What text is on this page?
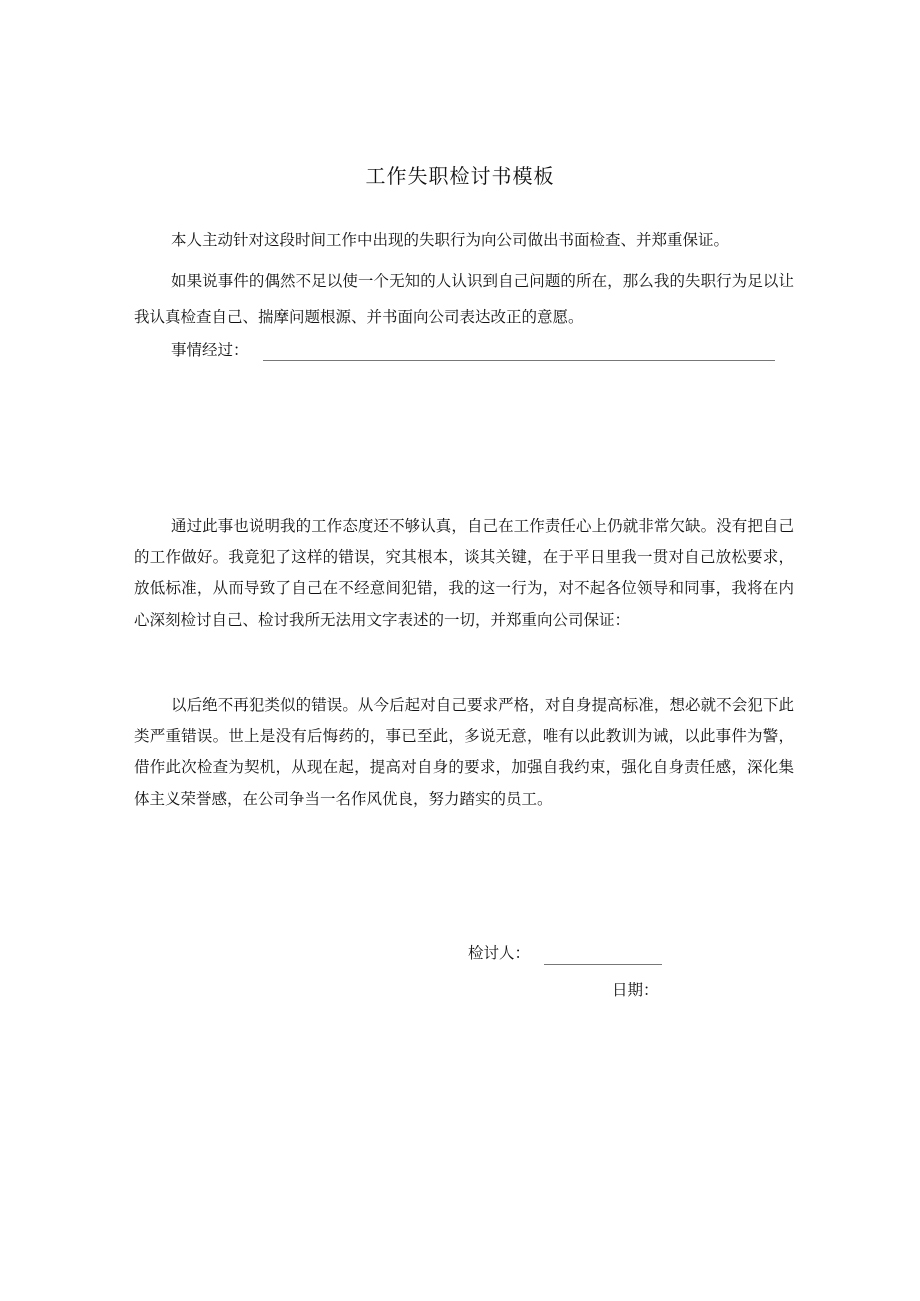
工作失职检讨书模板
本人主动针对这段时间工作中出现的失职行为向公司做出书面检查、并郑重保证。
如果说事件的偶然不足以使一个无知的人认识到自己问题的所在，那么我的失职行为足以让我认真检查自己、揣摩问题根源、并书面向公司表达改正的意愿。
事情经过：
通过此事也说明我的工作态度还不够认真，自己在工作责任心上仍就非常欠缺。没有把自己的工作做好。我竟犯了这样的错误，究其根本，谈其关键，在于平日里我一贯对自己放松要求，放低标准，从而导致了自己在不经意间犯错，我的这一行为，对不起各位领导和同事，我将在内心深刻检讨自己、检讨我所无法用文字表述的一切，并郑重向公司保证：
以后绝不再犯类似的错误。从今后起对自己要求严格，对自身提高标准，想必就不会犯下此类严重错误。世上是没有后悔药的，事已至此，多说无意，唯有以此教训为诫，以此事件为警，借作此次检查为契机，从现在起，提高对自身的要求，加强自我约束，强化自身责任感，深化集体主义荣誉感，在公司争当一名作风优良，努力踏实的员工。
检讨人：
日期：
